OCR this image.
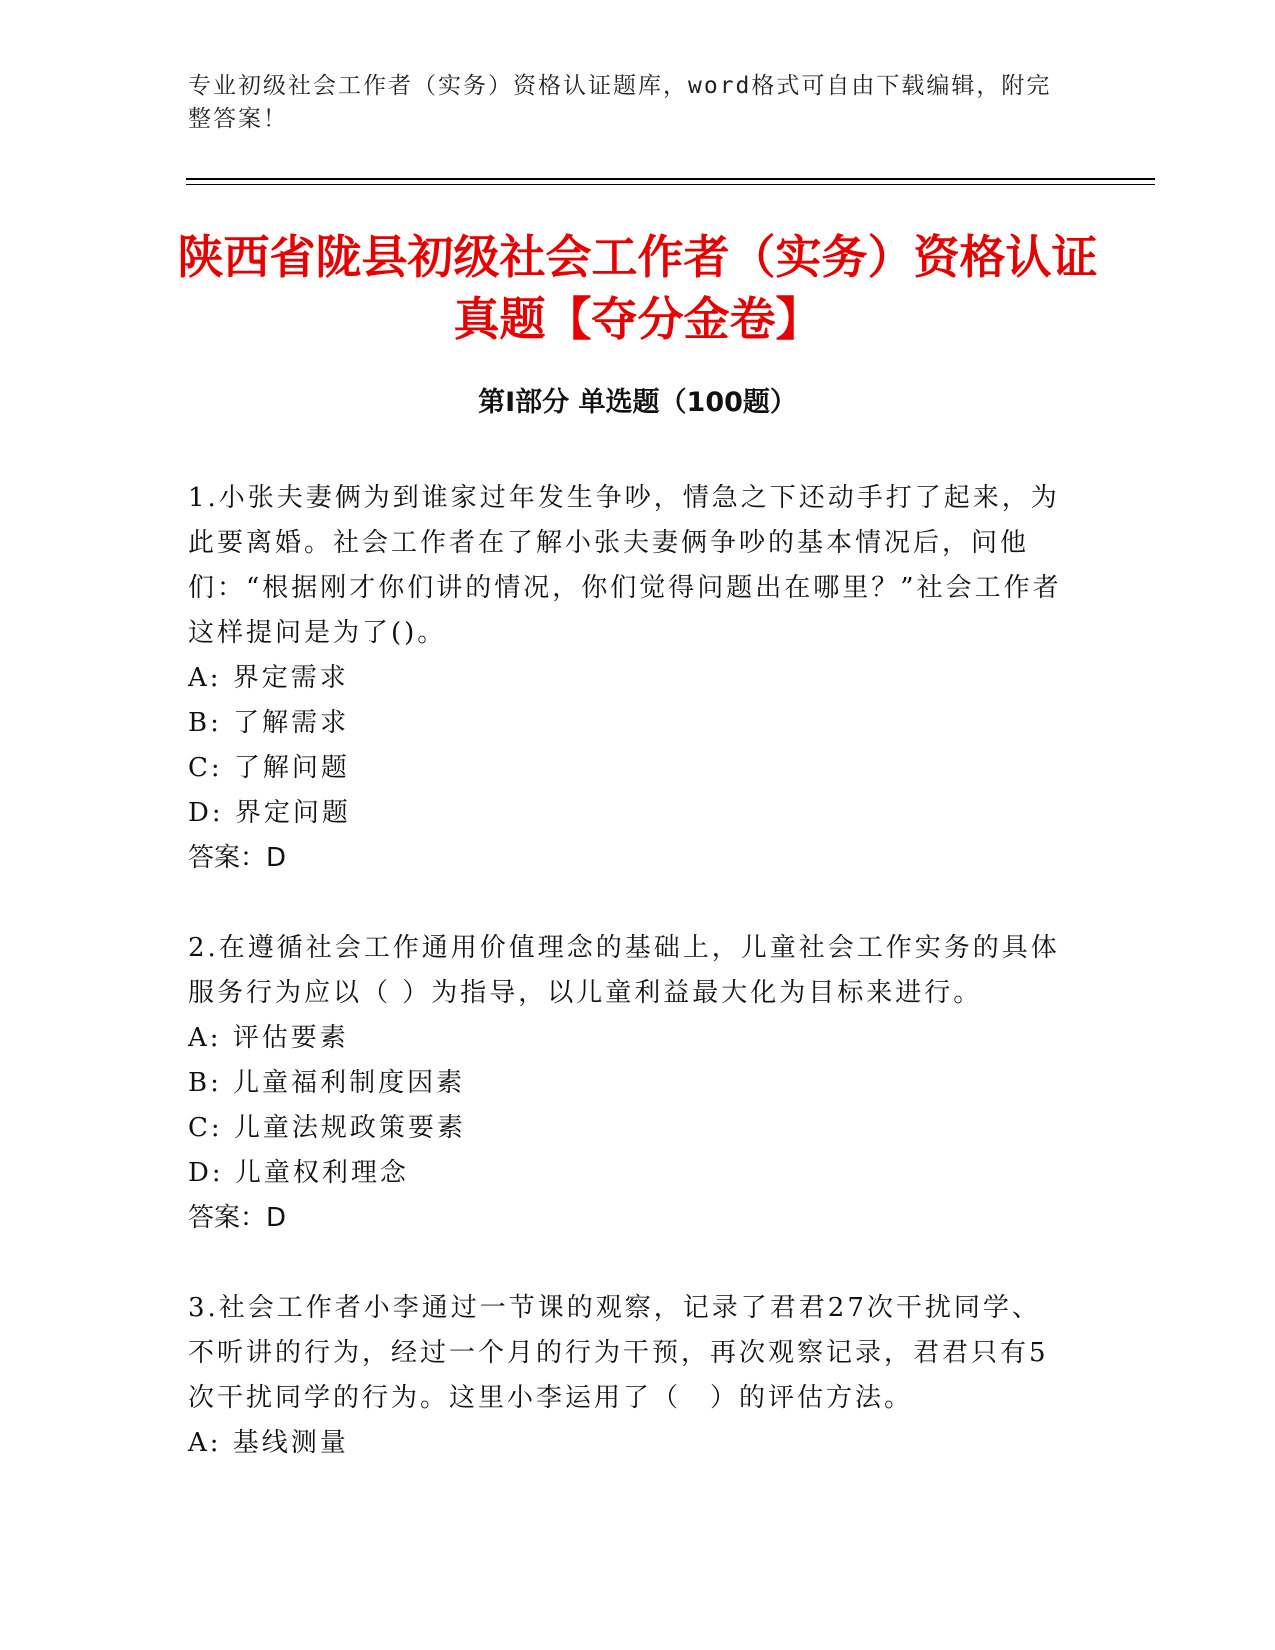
专业初级社会工作者（实务）资格认证题库，word格式可自由下载编辑，附完整答案！
陕西省陇县初级社会工作者（实务）资格认证真题【夺分金卷】
第I部分 单选题（100题）

1.小张夫妻俩为到谁家过年发生争吵，情急之下还动手打了起来，为此要离婚。社会工作者在了解小张夫妻俩争吵的基本情况后，问他们：“根据刚才你们讲的情况，你们觉得问题出在哪里？”社会工作者这样提问是为了()。

A: 界定需求

B: 了解需求

C: 了解问题

D: 界定问题

答案：D

2.在遵循社会工作通用价值理念的基础上，儿童社会工作实务的具体服务行为应以（ ）为指导，以儿童利益最大化为目标来进行。

A: 评估要素

B: 儿童福利制度因素

C: 儿童法规政策要素

D: 儿童权利理念

答案：D

3.社会工作者小李通过一节课的观察，记录了君君27次干扰同学、不听讲的行为，经过一个月的行为干预，再次观察记录，君君只有5次干扰同学的行为。这里小李运用了（　）的评估方法。

A: 基线测量
